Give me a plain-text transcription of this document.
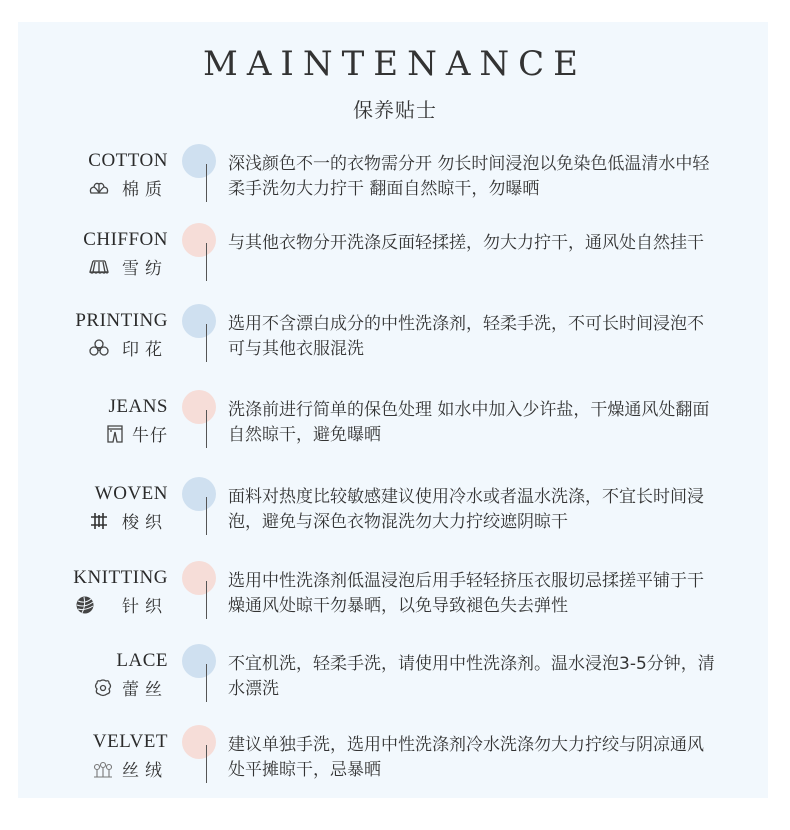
MAINTENANCE
保养贴士
COTTON
棉质

深浅颜色不一的衣物需分开 勿长时间浸泡以免染色低温清水中轻柔手洗勿大力拧干 翻面自然晾干，勿曝晒

CHIFFON
雪纺

与其他衣物分开洗涤反面轻揉搓，勿大力拧干，通风处自然挂干

PRINTING
印花

选用不含漂白成分的中性洗涤剂，轻柔手洗，不可长时间浸泡不可与其他衣服混洗

JEANS
牛仔

洗涤前进行简单的保色处理 如水中加入少许盐，干燥通风处翻面自然晾干，避免曝晒

WOVEN
梭织

面料对热度比较敏感建议使用冷水或者温水洗涤，不宜长时间浸泡，避免与深色衣物混洗勿大力拧绞遮阴晾干

KNITTING
针织

选用中性洗涤剂低温浸泡后用手轻轻挤压衣服切忌揉搓平铺于干燥通风处晾干勿暴晒，以免导致褪色失去弹性

LACE
蕾丝

不宜机洗，轻柔手洗，请使用中性洗涤剂。温水浸泡3-5分钟，清水漂洗

VELVET
丝绒

建议单独手洗，选用中性洗涤剂冷水洗涤勿大力拧绞与阴凉通风处平摊晾干，忌暴晒
